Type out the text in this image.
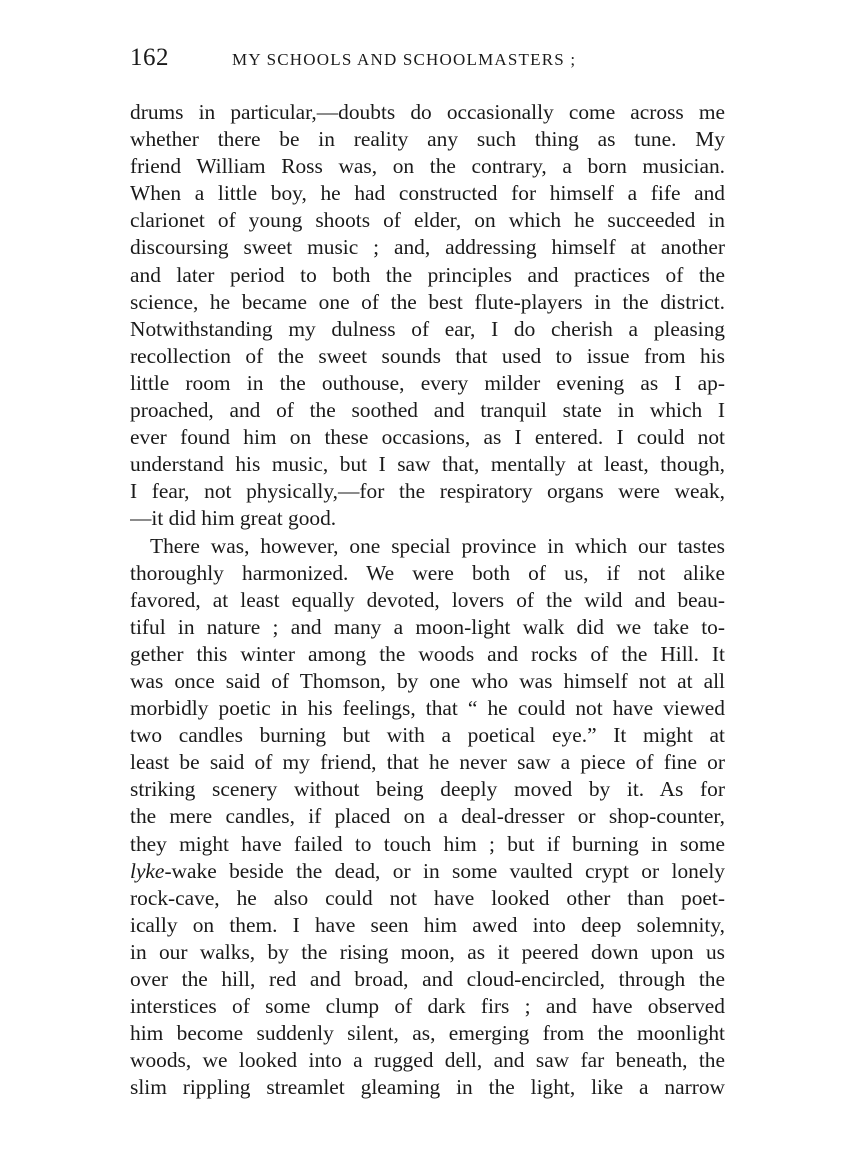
162	MY SCHOOLS AND SCHOOLMASTERS ;
drums in particular,—doubts do occasionally come across me
whether there be in reality any such thing as tune. My
friend William Ross was, on the contrary, a born musician.
When a little boy, he had constructed for himself a fife and
clarionet of young shoots of elder, on which he succeeded in
discoursing sweet music ; and, addressing himself at another
and later period to both the principles and practices of the
science, he became one of the best flute-players in the district.
Notwithstanding my dulness of ear, I do cherish a pleasing
recollection of the sweet sounds that used to issue from his
little room in the outhouse, every milder evening as I ap-
proached, and of the soothed and tranquil state in which I
ever found him on these occasions, as I entered. I could not
understand his music, but I saw that, mentally at least, though,
I fear, not physically,—for the respiratory organs were weak,
—it did him great good.
There was, however, one special province in which our tastes
thoroughly harmonized. We were both of us, if not alike
favored, at least equally devoted, lovers of the wild and beau-
tiful in nature ; and many a moon-light walk did we take to-
gether this winter among the woods and rocks of the Hill. It
was once said of Thomson, by one who was himself not at all
morbidly poetic in his feelings, that “ he could not have viewed
two candles burning but with a poetical eye.” It might at
least be said of my friend, that he never saw a piece of fine or
striking scenery without being deeply moved by it. As for
the mere candles, if placed on a deal-dresser or shop-counter,
they might have failed to touch him ; but if burning in some
lyke-wake beside the dead, or in some vaulted crypt or lonely
rock-cave, he also could not have looked other than poet-
ically on them. I have seen him awed into deep solemnity,
in our walks, by the rising moon, as it peered down upon us
over the hill, red and broad, and cloud-encircled, through the
interstices of some clump of dark firs ; and have observed
him become suddenly silent, as, emerging from the moonlight
woods, we looked into a rugged dell, and saw far beneath, the
slim rippling streamlet gleaming in the light, like a narrow
